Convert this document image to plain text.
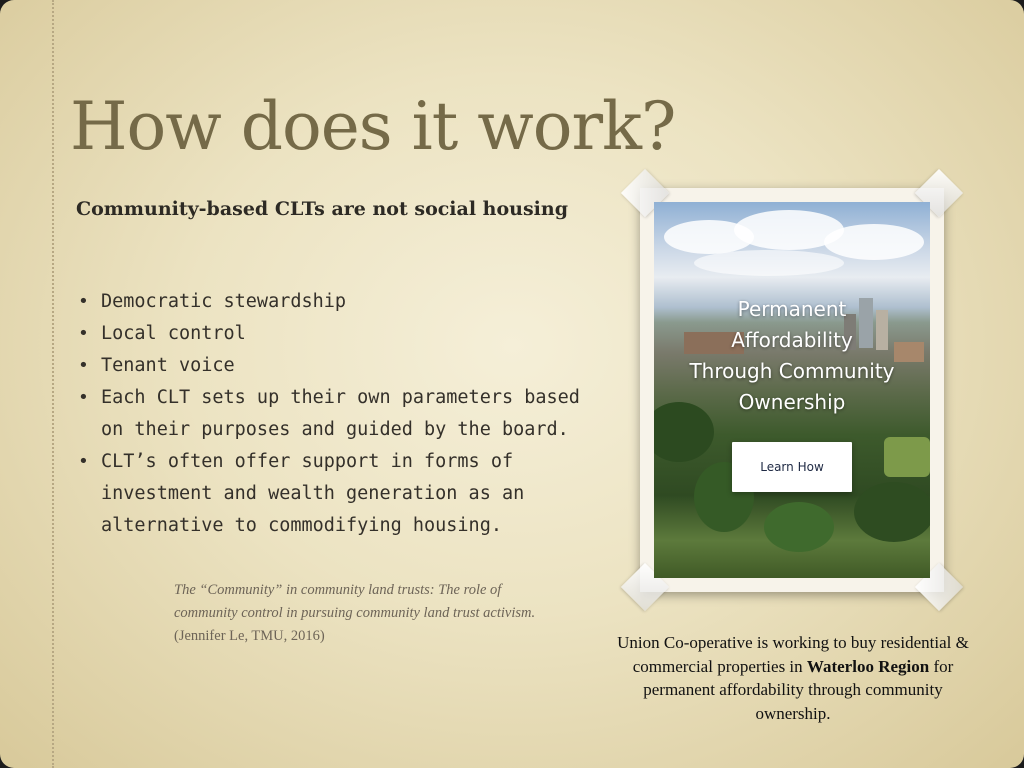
How does it work?

Community-based CLTs are not social housing

• Democratic stewardship
• Local control
• Tenant voice
• Each CLT sets up their own parameters based on their purposes and guided by the board.
• CLT’s often offer support in forms of investment and wealth generation as an alternative to commodifying housing.
The “Community” in community land trusts: The role of community control in pursuing community land trust activism. (Jennifer Le, TMU, 2016)
Permanent
Affordability
Through Community
Ownership
Learn How

Union Co-operative is working to buy residential & commercial properties in Waterloo Region for permanent affordability through community ownership.
